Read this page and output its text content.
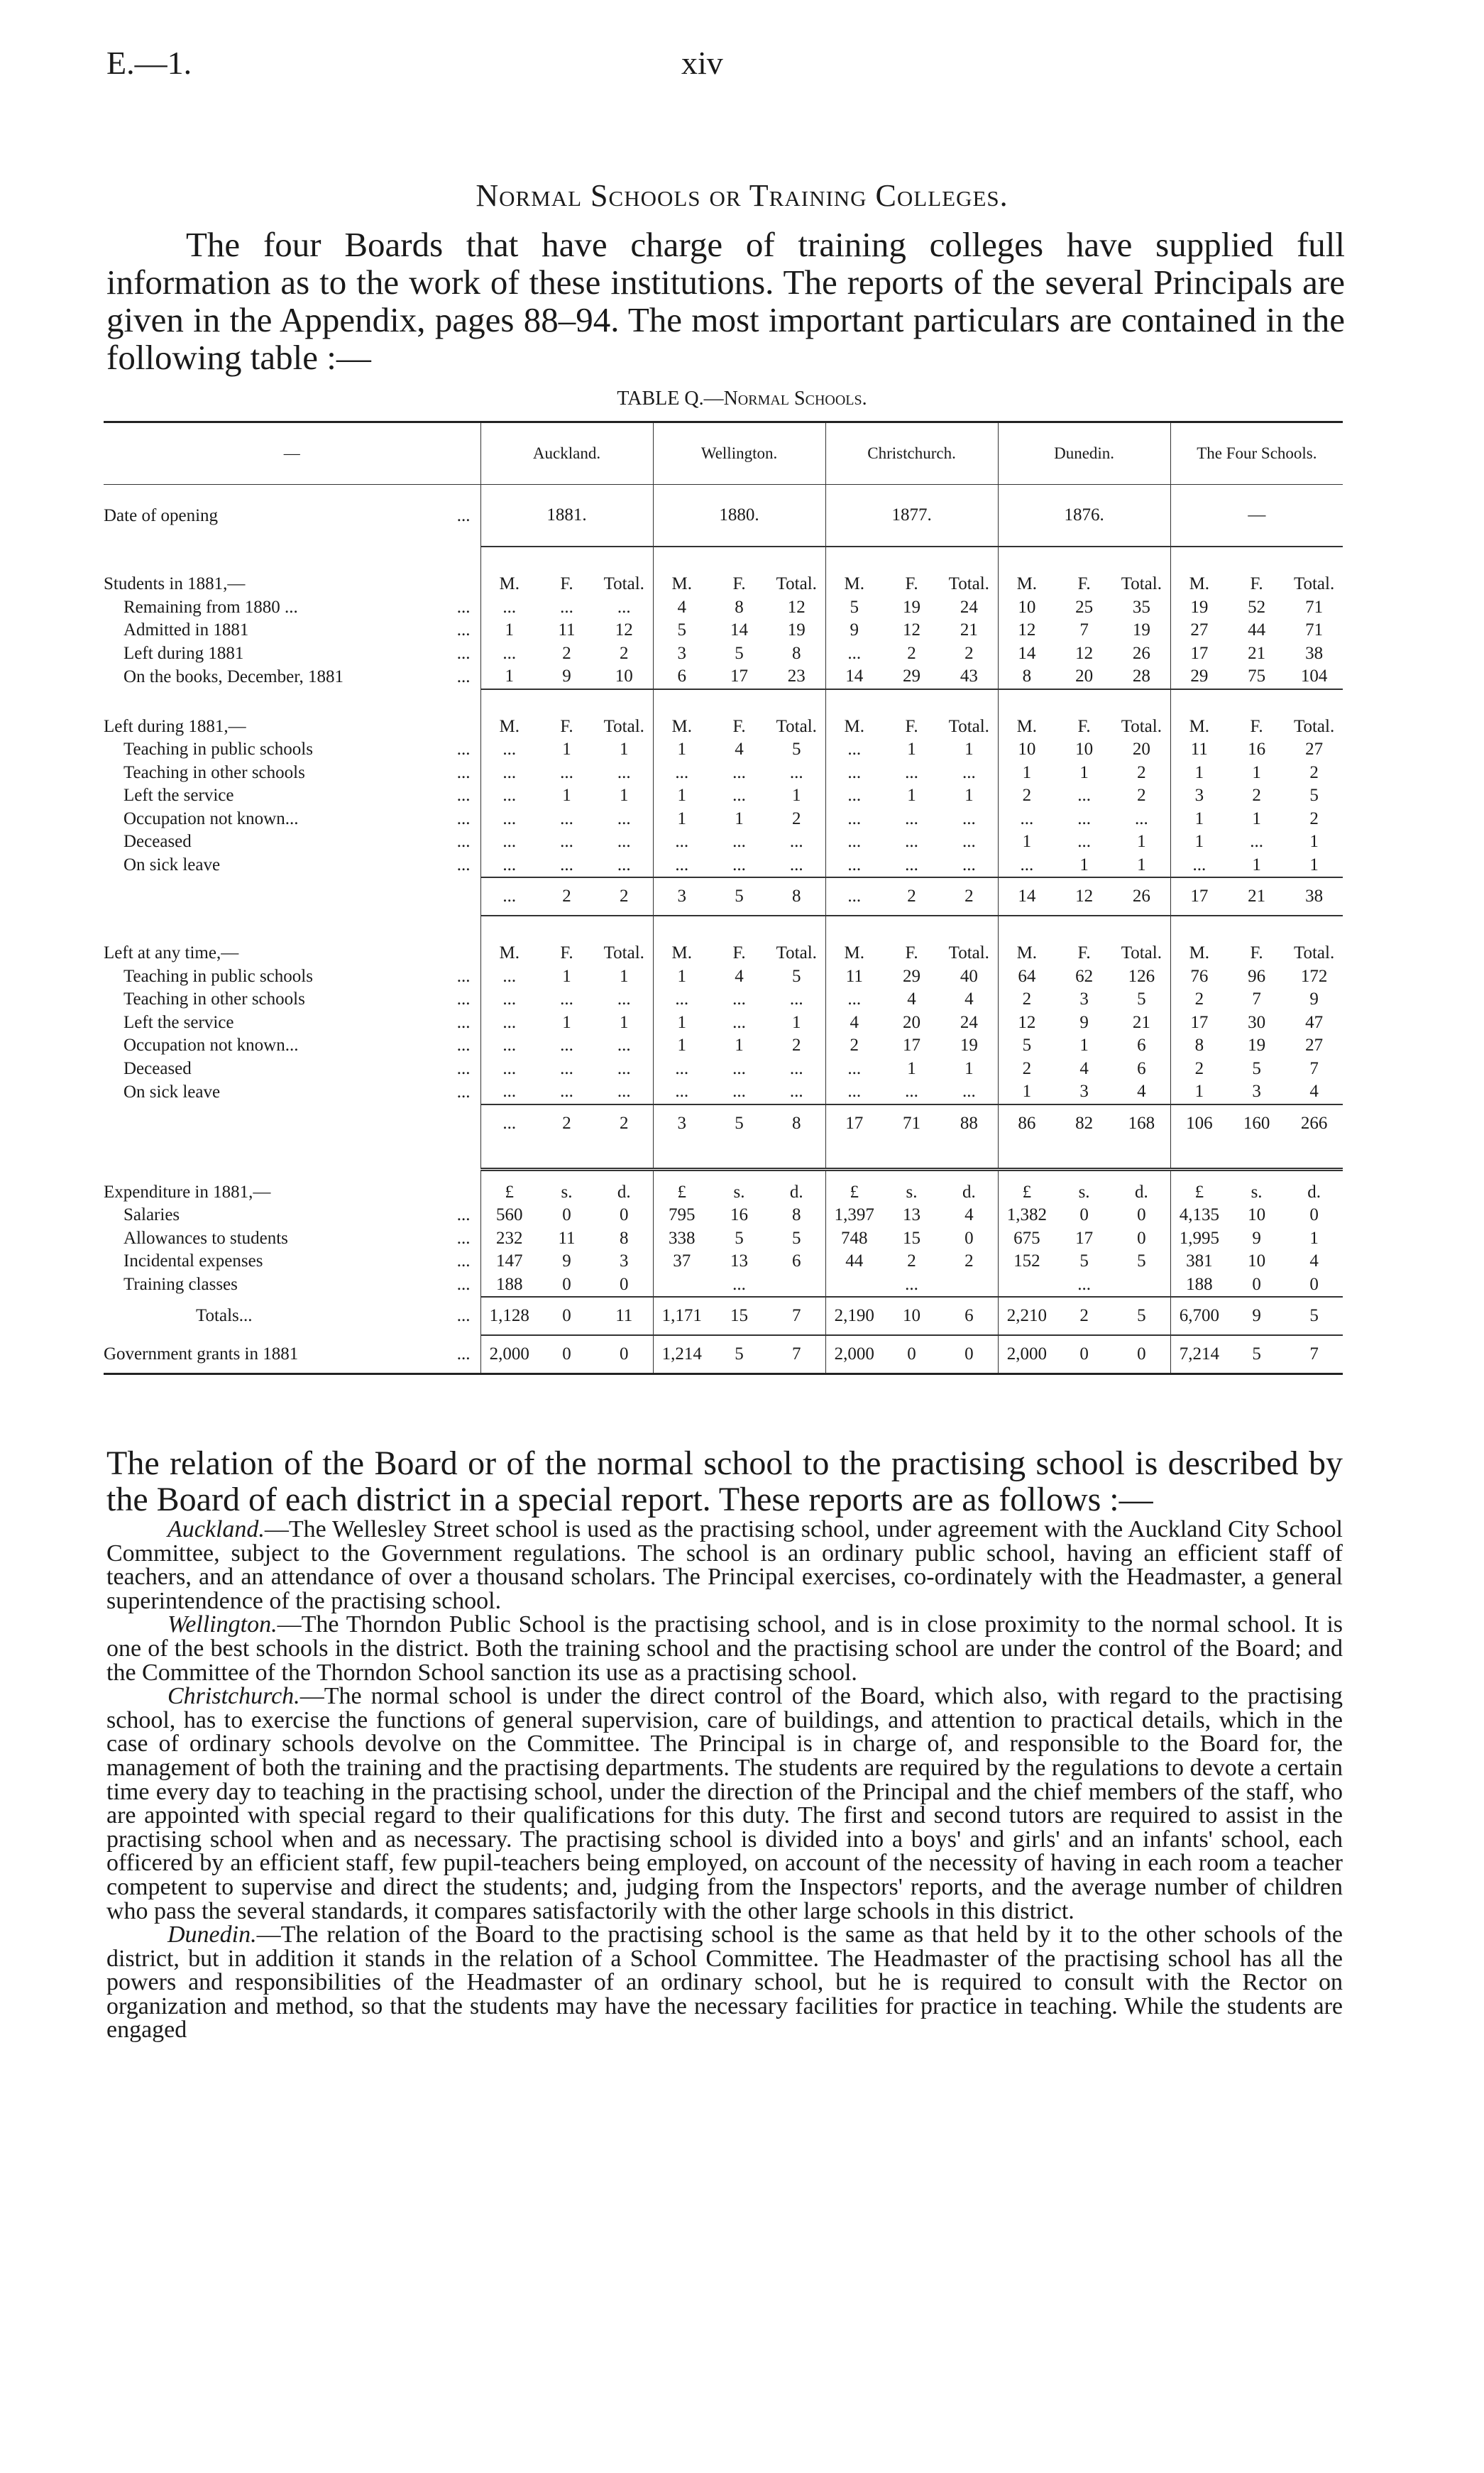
E.—1.	xiv
Normal Schools or Training Colleges.

The four Boards that have charge of training colleges have supplied full information as to the work of these institutions. The reports of the several Principals are given in the Appendix, pages 88–94. The most important particulars are contained in the following table :—

TABLE Q.—Normal Schools.
—	Auckland.			Wellington.			Christchurch.			Dunedin.			The Four Schools.		
Date of opening ...	1881.			1880.			1877.			1876.			—		

Students in 1881,—	M.	F.	Total.	M.	F.	Total.	M.	F.	Total.	M.	F.	Total.	M.	F.	Total.
Remaining from 1880 ... ...	...	...	...	4	8	12	5	19	24	10	25	35	19	52	71
Admitted in 1881 ...	1	11	12	5	14	19	9	12	21	12	7	19	27	44	71
Left during 1881 ...	...	2	2	3	5	8	...	2	2	14	12	26	17	21	38
On the books, December, 1881 ...	1	9	10	6	17	23	14	29	43	8	20	28	29	75	104

Left during 1881,—	M.	F.	Total.	M.	F.	Total.	M.	F.	Total.	M.	F.	Total.	M.	F.	Total.
Teaching in public schools ...	...	1	1	1	4	5	...	1	1	10	10	20	11	16	27
Teaching in other schools ...	...	...	...	...	...	...	...	...	...	1	1	2	1	1	2
Left the service ...	...	1	1	1	...	1	...	1	1	2	...	2	3	2	5
Occupation not known... ...	...	...	...	1	1	2	...	...	...	...	...	...	1	1	2
Deceased ...	...	...	...	...	...	...	...	...	...	1	...	1	1	...	1
On sick leave ...	...	...	...	...	...	...	...	...	...	...	1	1	...	1	1
	...	2	2	3	5	8	...	2	2	14	12	26	17	21	38

Left at any time,—	M.	F.	Total.	M.	F.	Total.	M.	F.	Total.	M.	F.	Total.	M.	F.	Total.
Teaching in public schools ...	...	1	1	1	4	5	11	29	40	64	62	126	76	96	172
Teaching in other schools ...	...	...	...	...	...	...	...	4	4	2	3	5	2	7	9
Left the service ...	...	1	1	1	...	1	4	20	24	12	9	21	17	30	47
Occupation not known... ...	...	...	...	1	1	2	2	17	19	5	1	6	8	19	27
Deceased ...	...	...	...	...	...	...	...	1	1	2	4	6	2	5	7
On sick leave ...	...	...	...	...	...	...	...	...	...	1	3	4	1	3	4
	...	2	2	3	5	8	17	71	88	86	82	168	106	160	266

Expenditure in 1881,—	£	s.	d.	£	s.	d.	£	s.	d.	£	s.	d.	£	s.	d.
Salaries ...	560	0	0	795	16	8	1,397	13	4	1,382	0	0	4,135	10	0
Allowances to students ...	232	11	8	338	5	5	748	15	0	675	17	0	1,995	9	1
Incidental expenses ...	147	9	3	37	13	6	44	2	2	152	5	5	381	10	4
Training classes ...	188	0	0		...			...			...		188	0	0
Totals... ...	1,128	0	11	1,171	15	7	2,190	10	6	2,210	2	5	6,700	9	5
Government grants in 1881 ...	2,000	0	0	1,214	5	7	2,000	0	0	2,000	0	0	7,214	5	7

The relation of the Board or of the normal school to the practising school is described by the Board of each district in a special report. These reports are as follows :—

Auckland.—The Wellesley Street school is used as the practising school, under agreement with the Auckland City School Committee, subject to the Government regulations. The school is an ordinary public school, having an efficient staff of teachers, and an attendance of over a thousand scholars. The Principal exercises, co-ordinately with the Headmaster, a general superintendence of the practising school.

Wellington.—The Thorndon Public School is the practising school, and is in close proximity to the normal school. It is one of the best schools in the district. Both the training school and the practising school are under the control of the Board; and the Committee of the Thorndon School sanction its use as a practising school.

Christchurch.—The normal school is under the direct control of the Board, which also, with regard to the practising school, has to exercise the functions of general supervision, care of buildings, and attention to practical details, which in the case of ordinary schools devolve on the Committee. The Principal is in charge of, and responsible to the Board for, the management of both the training and the practising departments. The students are required by the regulations to devote a certain time every day to teaching in the practising school, under the direction of the Principal and the chief members of the staff, who are appointed with special regard to their qualifications for this duty. The first and second tutors are required to assist in the practising school when and as necessary. The practising school is divided into a boys' and girls' and an infants' school, each officered by an efficient staff, few pupil-teachers being employed, on account of the necessity of having in each room a teacher competent to supervise and direct the students; and, judging from the Inspectors' reports, and the average number of children who pass the several standards, it compares satisfactorily with the other large schools in this district.

Dunedin.—The relation of the Board to the practising school is the same as that held by it to the other schools of the district, but in addition it stands in the relation of a School Committee. The Headmaster of the practising school has all the powers and responsibilities of the Headmaster of an ordinary school, but he is required to consult with the Rector on organization and method, so that the students may have the necessary facilities for practice in teaching. While the students are engaged
